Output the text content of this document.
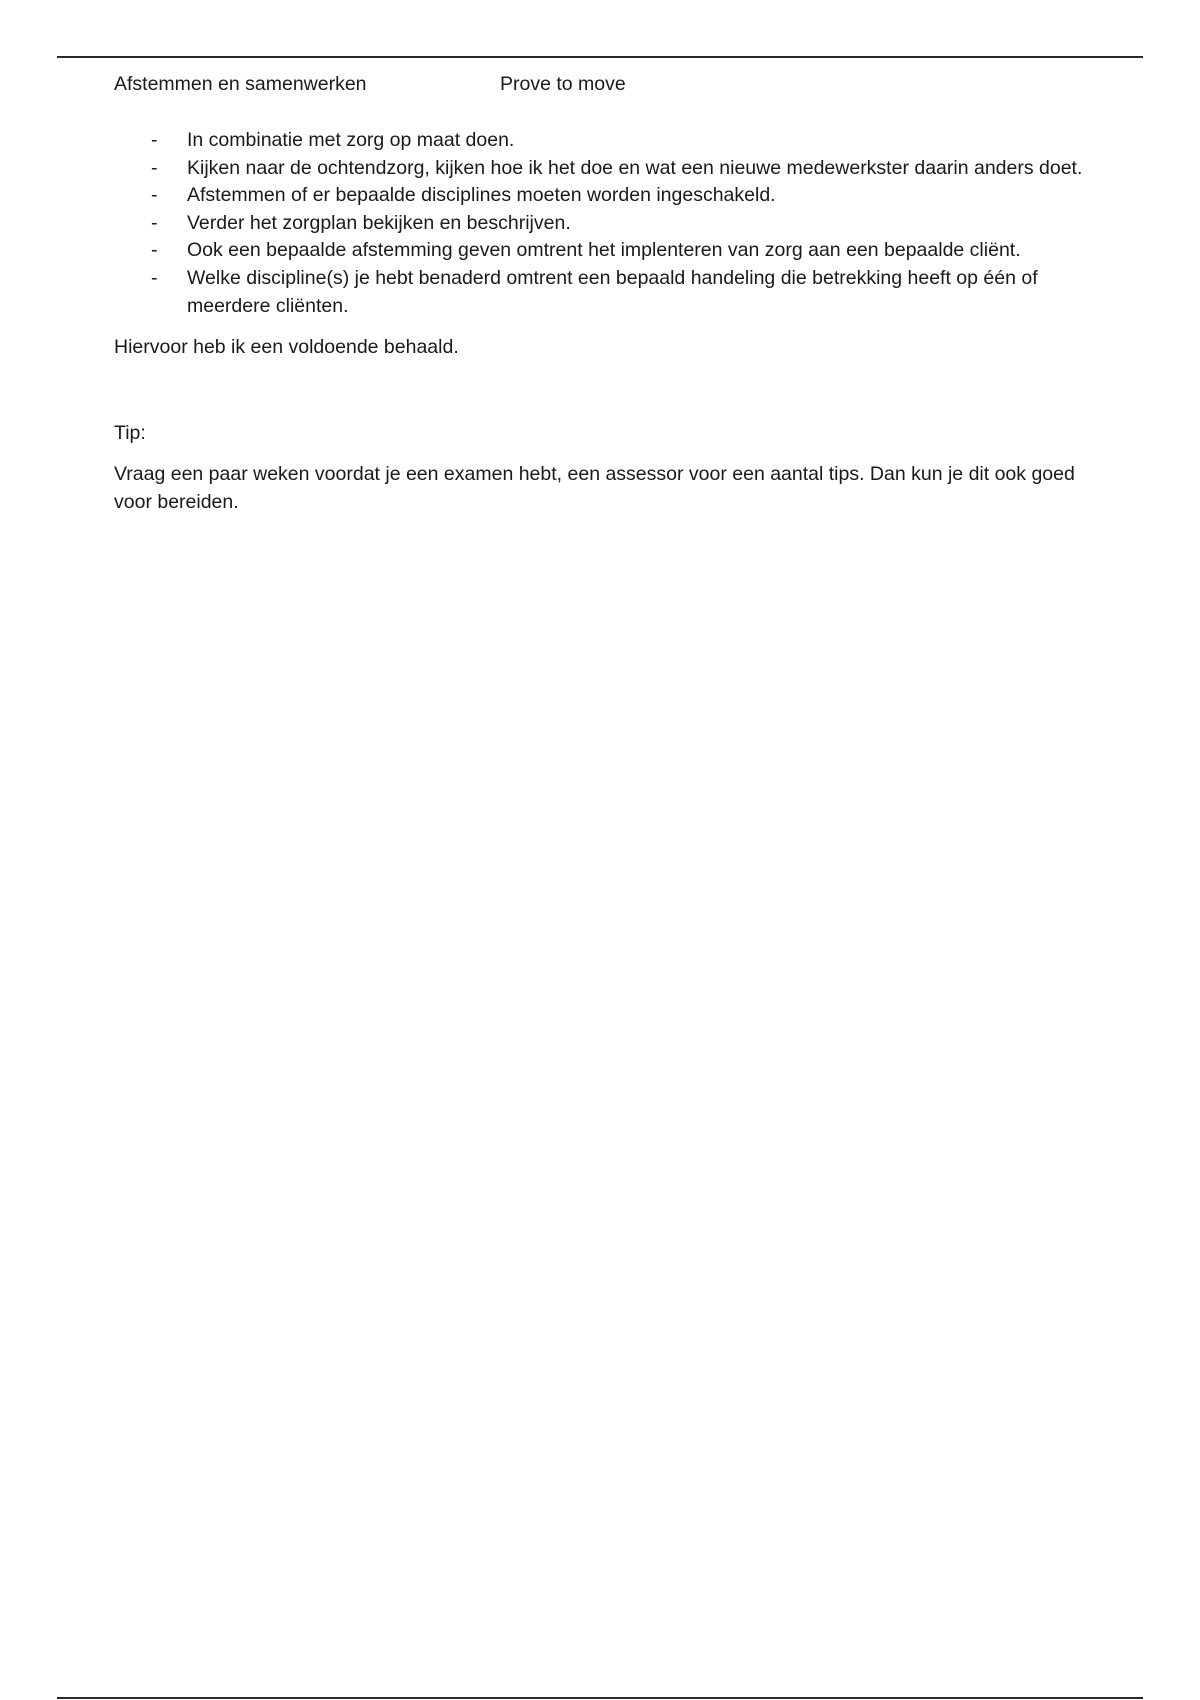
Afstemmen en samenwerken	Prove to move
- In combinatie met zorg op maat doen.
- Kijken naar de ochtendzorg, kijken hoe ik het doe en wat een nieuwe medewerkster daarin anders doet.
- Afstemmen of er bepaalde disciplines moeten worden ingeschakeld.
- Verder het zorgplan bekijken en beschrijven.
- Ook een bepaalde afstemming geven omtrent het implenteren van zorg aan een bepaalde cliënt.
- Welke discipline(s) je hebt benaderd omtrent een bepaald handeling die betrekking heeft op één of meerdere cliënten.

Hiervoor heb ik een voldoende behaald.

Tip:

Vraag een paar weken voordat je een examen hebt, een assessor voor een aantal tips. Dan kun je dit ook goed voor bereiden.
